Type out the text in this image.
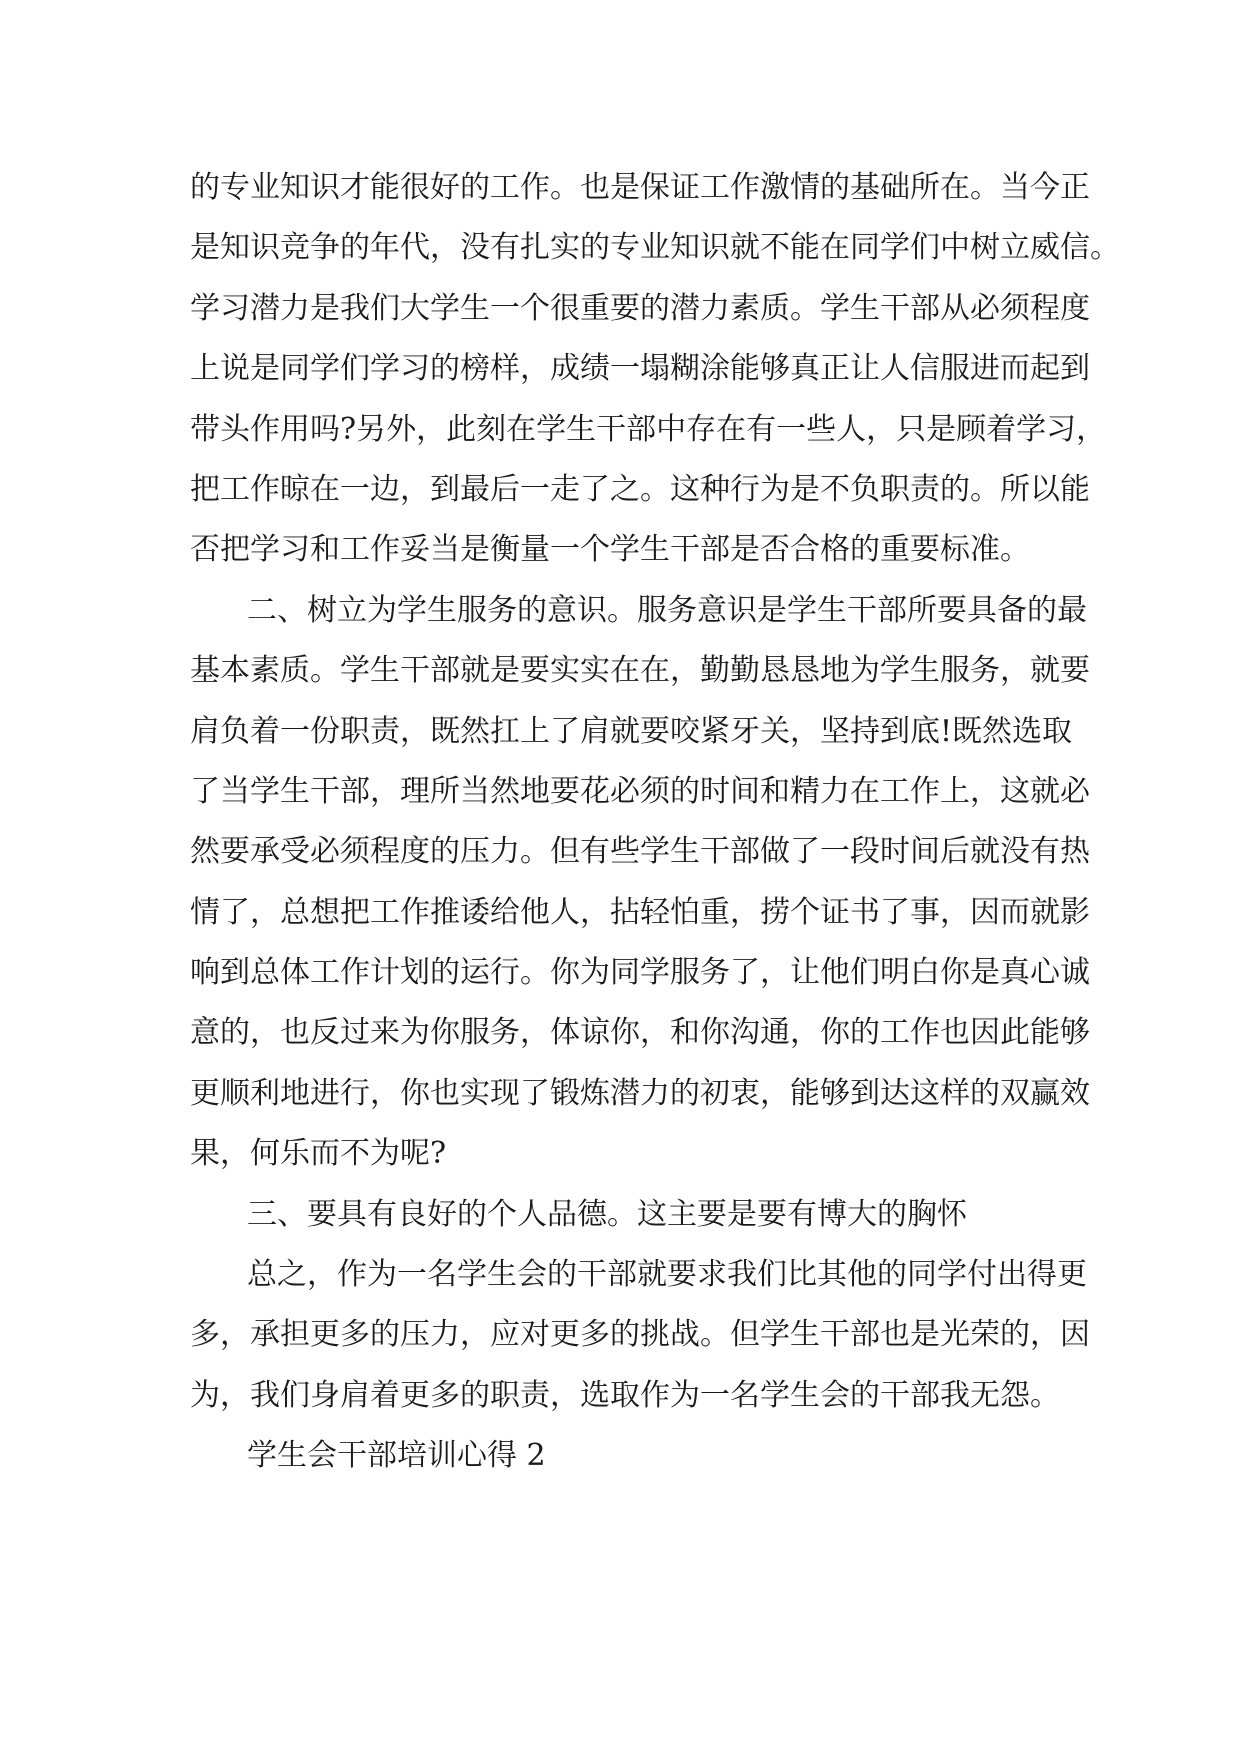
的专业知识才能很好的工作。也是保证工作激情的基础所在。当今正

是知识竞争的年代，没有扎实的专业知识就不能在同学们中树立威信。

学习潜力是我们大学生一个很重要的潜力素质。学生干部从必须程度

上说是同学们学习的榜样，成绩一塌糊涂能够真正让人信服进而起到

带头作用吗?另外，此刻在学生干部中存在有一些人，只是顾着学习，

把工作晾在一边，到最后一走了之。这种行为是不负职责的。所以能

否把学习和工作妥当是衡量一个学生干部是否合格的重要标准。

二、树立为学生服务的意识。服务意识是学生干部所要具备的最

基本素质。学生干部就是要实实在在，勤勤恳恳地为学生服务，就要

肩负着一份职责，既然扛上了肩就要咬紧牙关，坚持到底!既然选取

了当学生干部，理所当然地要花必须的时间和精力在工作上，这就必

然要承受必须程度的压力。但有些学生干部做了一段时间后就没有热

情了，总想把工作推诿给他人，拈轻怕重，捞个证书了事，因而就影

响到总体工作计划的运行。你为同学服务了，让他们明白你是真心诚

意的，也反过来为你服务，体谅你，和你沟通，你的工作也因此能够

更顺利地进行，你也实现了锻炼潜力的初衷，能够到达这样的双赢效

果，何乐而不为呢?

三、要具有良好的个人品德。这主要是要有博大的胸怀

总之，作为一名学生会的干部就要求我们比其他的同学付出得更

多，承担更多的压力，应对更多的挑战。但学生干部也是光荣的，因

为，我们身肩着更多的职责，选取作为一名学生会的干部我无怨。

学生会干部培训心得 2
